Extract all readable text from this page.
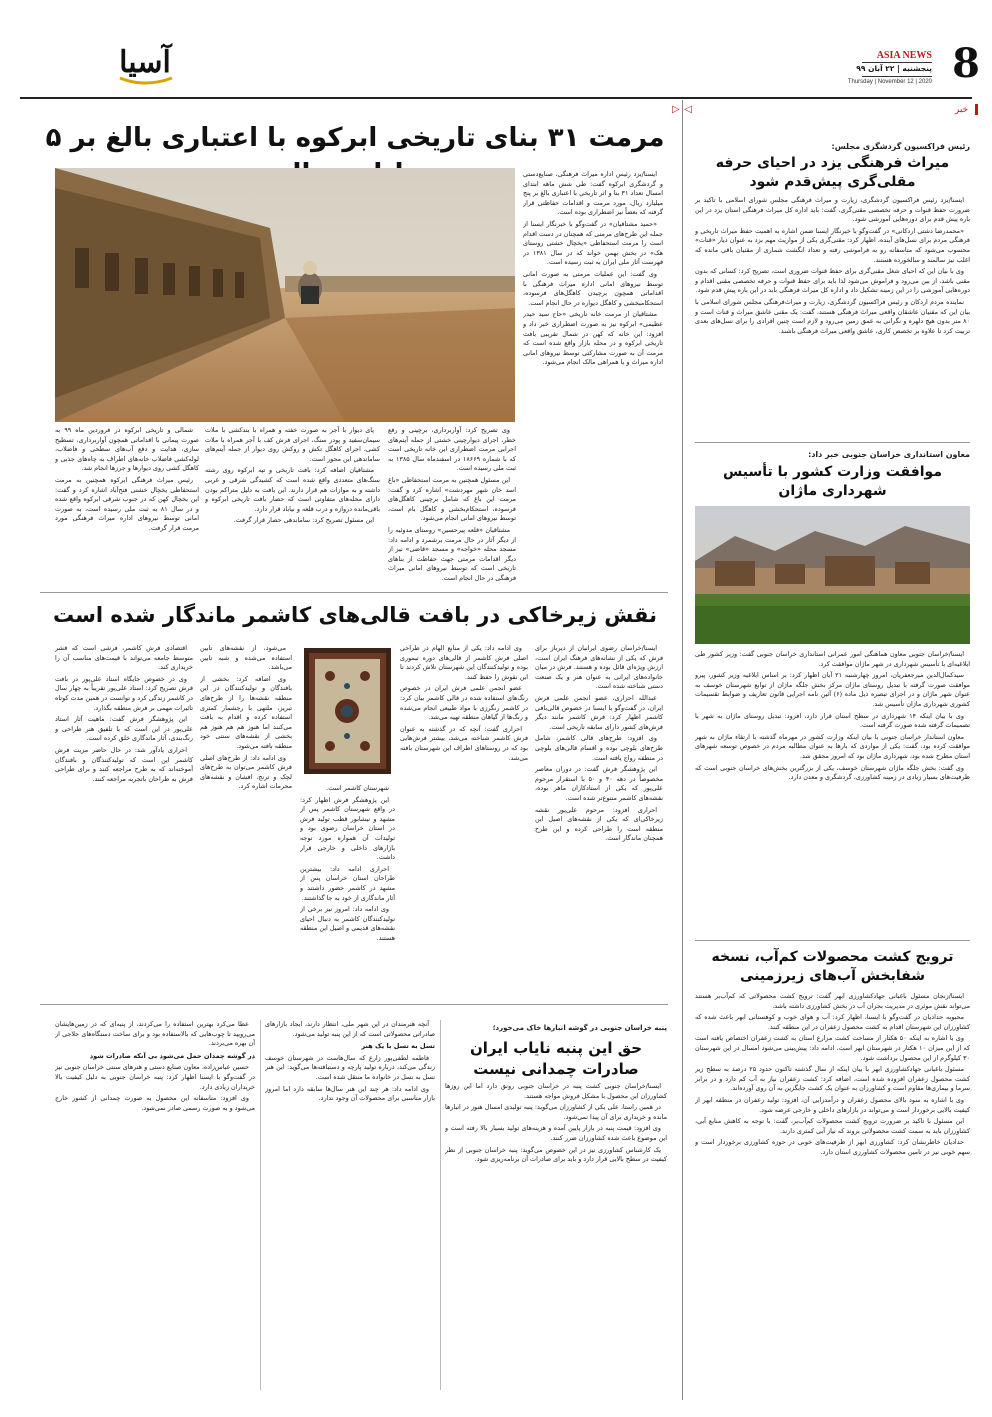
8
ASIA NEWS
پنجشنبه | ۲۲ آبان ۹۹
Thursday | November 12 | 2020
آسیا
خبر
◁
▷
مرمت ۳۱ بنای تاریخی ابرکوه با اعتباری بالغ بر ۵

ایسنا/یزد رئیس اداره میراث فرهنگی، صنایع‌دستی و گردشگری ابرکوه گفت: طی شش ماهه ابتدای امسال تعداد ۳۱ بنا و اثر تاریخی با اعتباری بالغ بر پنج میلیارد ریال، مورد مرمت و اقدامات حفاظتی قرار گرفته که بعضاً نیز اضطراری بوده است.

«حمید مشتاقیان» در گفت‌وگو با خبرنگار ایسنا از جمله این طرح‌های مرمتی که همچنان در دست اقدام است را مرمت استحفاظی «یخچال خشتی روستای هک» در بخش بهمن خواند که در سال ۱۳۸۱ در فهرست آثار ملی ایران به ثبت رسیده است.

وی گفت: این عملیات مرمتی به صورت امانی توسط نیروهای امانی اداره میراث فرهنگی با اقداماتی همچون برچیدن کاهگل‌های فرسوده، استحکامبخشی و کاهگل دیواره در حال انجام است.

مشتاقیان از مرمت خانه تاریخی «حاج سید حیدر عظیمی» ابرکوه نیز به صورت اضطراری خبر داد و افزود: این خانه که کهن در شمال تقریبی بافت تاریخی ابرکوه و در محله بازار واقع شده است که مرمت آن به صورت مشارکتی توسط نیروهای امانی اداره میراث و با همراهی مالک انجام می‌شود.

وی تصریح کرد: آواربرداری، برچینی و رفع خطر، اجرای دیوارچینی خشتی از جمله آیتم‌های اجرایی مرمت اضطراری این خانه تاریخی است که با شماره ۱۸۶۶۹ در اسفندماه سال ۱۳۸۵ به ثبت ملی رسیده است.

این مسئول همچنین به مرمت استحفاظی «باغ اسد خان شهر مهردشت» اشاره کرد و گفت: مرمت این باغ که شامل برچینی کاهگل‌های فرسوده، استحکام‌بخشی و کاهگل بام است، توسط نیروهای امانی انجام می‌شود.

مشتاقیان «قلعه پیرحسین» روستای مدوئیه را از دیگر آثار در حال مرمت برشمرد و ادامه داد: مسجد محله «خواجه» و مسجد «قاضی» نیز از دیگر اقدامات مرمتی جهت حفاظت از بناهای تاریخی است که توسط نیروهای امانی میراث فرهنگی در حال انجام است.

پای دیوار با آجر به صورت خفته و همراه با بندکشی با ملات سیمان‌سفید و پودر سنگ، اجرای فرش کف با آجر همراه با ملات کشی، اجرای کاهگل تکش و روکش روی دیوار از جمله آیتم‌های ساماندهی این محور است.

مشتاقیان اضافه کرد: بافت تاریخی و تپه ابرکوه روی رشته سنگ‌های متعددی واقع شده است که کشیدگی شرقی و غربی داشته و به موازات هم قرار دارند. این بافت به دلیل متراکم بودن دارای محله‌های متفاوتی است که حصار بافت تاریخی ابرکوه و باقی‌مانده دروازه و درب قلعه و نیاباد قرار دارد.

این مسئول تصریح کرد: ساماندهی حصار قرار گرفت.

شمالی و تاریخی ابرکوه در فروردین ماه ۹۹ به صورت پیمانی با اقداماتی همچون آواربرداری، تسطیح سازی، هدایت و دفع آب‌های سطحی و فاضلاب، لوله‌کشی فاضلاب خانه‌های اطراف به چاه‌های جذبی و کاهگل کشی روی دیوارها و جرزها انجام شد.

رئیس میراث فرهنگی ابرکوه همچنین به مرمت استحفاظی یخچال خشتی فتح‌آباد اشاره کرد و گفت: این یخچال کهن که در جنوب شرقی ابرکوه واقع شده و در سال ۸۱ به ثبت ملی رسیده است، به صورت امانی توسط نیروهای اداره میراث فرهنگی مورد مرمت قرار گرفت.

نقش زیرخاکی در بافت قالی‌های کاشمر ماندگار شده است

ایسنا/خراسان رضوی ایرانیان از دیرباز برای فرش که یکی از نشانه‌های فرهنگ ایران است، ارزش ویژه‌ای قائل بوده و هستند. فرش در میان خانواده‌های ایرانی به عنوان هنر و یک صنعت دستی شناخته شده است.

عبدالله احراری، عضو انجمن علمی فرش ایران، در گفت‌وگو با ایسنا در خصوص قالی‌بافی کاشمر اظهار کرد: فرش کاشمر مانند دیگر فرش‌های کشور دارای سابقه تاریخی است.

وی افزود: طرح‌های قالی کاشمر، شامل طرح‌های بلوچی بوده و اقسام قالی‌های بلوچی در منطقه رواج یافته است.

این پژوهشگر فرش گفت: در دوران معاصر مخصوصاً در دهه ۴۰ و ۵۰ با استقرار مرحوم علی‌پور که یکی از استادکاران ماهر بوده، نقشه‌های کاشمر متنوع‌تر شده است.

احراری افزود: مرحوم علی‌پور نقشه زیرخاکی‌ای که یکی از نقشه‌های اصیل این منطقه است را طراحی کرده و این طرح همچنان ماندگار است.

وی ادامه داد: یکی از منابع الهام در طراحی اصلی فرش کاشمر از قالی‌های دوره تیموری بوده و تولیدکنندگان این شهرستان تلاش کردند تا این نقوش را حفظ کنند.

عضو انجمن علمی فرش ایران در خصوص رنگ‌های استفاده شده در قالی کاشمر بیان کرد: در کاشمر رنگرزی با مواد طبیعی انجام می‌شده و رنگ‌ها از گیاهان منطقه تهیه می‌شد.

احراری گفت: آنچه که در گذشته به عنوان فرش کاشمر شناخته می‌شد، بیشتر فرش‌هایی بود که در روستاهای اطراف این شهرستان بافته می‌شد.

شهرستان کاشمر است.

این پژوهشگر فرش اظهار کرد: در واقع شهرستان کاشمر پس از مشهد و نیشابور قطب تولید فرش در استان خراسان رضوی بود و تولیدات آن همواره مورد توجه بازارهای داخلی و خارجی قرار داشت.

احراری ادامه داد: بیشترین طراحان استان خراسان پس از مشهد در کاشمر حضور داشتند و آثار ماندگاری از خود به جا گذاشتند.

وی ادامه داد: امروز نیز برخی از تولیدکنندگان کاشمر به دنبال احیای نقشه‌های قدیمی و اصیل این منطقه هستند.

می‌شود، از نقشه‌های تابین استفاده می‌شده و شبه تابین می‌باشد.

وی اضافه کرد: بخشی از بافندگان و تولیدکنندگان در این منطقه نقشه‌ها را از طرح‌های تبریز، ملتهی با رجشمار کمتری استفاده کرده و اقدام به بافت می‌کنند اما هنوز هم هم هنوز هم بخشی از نقشه‌های سنتی خود منطقه بافته می‌شود.

وی ادامه داد: از طرح‌های اصلی فرش کاشمر می‌توان به طرح‌های لچک و ترنج، افشان و نقشه‌های محرمات اشاره کرد.

اقتصادی فرش کاشمر، فرشی است که قشر متوسط جامعه می‌تواند با قیمت‌های مناسب آن را خریداری کند.

وی در خصوص جایگاه استاد علی‌پور در بافت فرش تصریح کرد: استاد علی‌پور تقریباً به چهار سال در کاشمر زندگی کرد و توانست در همین مدت کوتاه تاثیرات مهمی بر فرش منطقه بگذارد.

این پژوهشگر فرش گفت: ماهیت آثار استاد علی‌پور در این است که با تلفیق هنر طراحی و رنگ‌بندی، آثار ماندگاری خلق کرده است.

احراری یادآور شد: در حال حاضر مزیت فرش کاشمر این است که تولیدکنندگان و بافندگان آموخته‌اند که به طرح مراجعه کنند و برای طراحی فرش به طراحان باتجربه مراجعه کنند.

پنبه خراسان جنوبی در گوشه انبارها خاک می‌خورد؛
حق این پنبه نایاب ایران صادرات چمدانی نیست

ایسنا/خراسان جنوبی کشت پنبه در خراسان جنوبی رونق دارد اما این روزها کشاورزان این محصول با مشکل فروش مواجه هستند.

در همین راستا، علی یکی از کشاورزان می‌گوید: پنبه تولیدی امسال هنوز در انبارها مانده و خریداری برای آن پیدا نمی‌شود.

وی افزود: قیمت پنبه در بازار پایین آمده و هزینه‌های تولید بسیار بالا رفته است و این موضوع باعث شده کشاورزان ضرر کنند.

یک کارشناس کشاورزی نیز در این خصوص می‌گوید: پنبه خراسان جنوبی از نظر کیفیت در سطح بالایی قرار دارد و باید برای صادرات آن برنامه‌ریزی شود.

آنچه هنرمندان در این شهر ملی، انتظار دارند، ایجاد بازارهای صادراتی محصولاتی است که از این پنبه تولید می‌شود.

تسل به تسل با یک هنر

فاطمه لطفی‌پور زارع که سال‌هاست در شهرستان خوسف زندگی می‌کند، درباره تولید پارچه و دستبافته‌ها می‌گوید: این هنر نسل به نسل در خانواده ما منتقل شده است.

وی ادامه داد: هر چند این هنر سال‌ها سابقه دارد اما امروز بازار مناسبی برای محصولات آن وجود ندارد.

عطا می‌کرد بهترین استفاده را می‌کردند، از پنبه‌ای که در زمین‌هایشان می‌رویید تا چوب‌هایی که بالاستفاده بود و برای ساخت دستگاه‌های حلاجی از آن بهره می‌بردند.

در گوشه چمدان حمل می‌شود بی آنکه صادرات شود

حسین عباس‌زاده، معاون صنایع دستی و هنرهای سنتی خراسان جنوبی نیز در گفت‌وگو با ایسنا اظهار کرد: پنبه خراسان جنوبی به دلیل کیفیت بالا خریداران زیادی دارد.

وی افزود: متاسفانه این محصول به صورت چمدانی از کشور خارج می‌شود و به صورت رسمی صادر نمی‌شود.

رئیس فراکسیون گردشگری مجلس:
میراث فرهنگی یزد در احیای حرفه مقلی‌گری پیش‌قدم شود

ایسنا/یزد رئیس فراکسیون گردشگری، زیارت و میراث فرهنگی مجلس شورای اسلامی با تاکید بر ضرورت حفظ قنوات و حرفه تخصصی مقنی‌گری، گفت: باید اداره کل میراث فرهنگی استان یزد در این باره پیش قدم برای دوره‌هایی آموزشی شود.

«محمدرضا دشتی اردکانی» در گفت‌وگو با خبرنگار ایسنا ضمن اشاره به اهمیت حفظ میراث تاریخی و فرهنگی مردم برای نسل‌های آینده، اظهار کرد: مقنی‌گری یکی از مواریث مهم یزد به عنوان دیار «قنات» محسوب می‌شود که متاسفانه رو به فراموشی رفته و تعداد انگشت شماری از مقنیان باقی مانده که اغلب نیز سالمند و سالخورده هستند.

وی با بیان این که احیای شغل مقنی‌گری برای حفظ قنوات ضروری است، تصریح کرد: کسانی که بدون مقنی باشد، از بین می‌رود و فراموش می‌شود لذا باید برای حفظ قنوات و حرفه تخصصی مقنی اقدام و دوره‌هایی آموزشی را در این زمینه تشکیل داد و اداره کل میراث فرهنگی باید در این باره پیش قدم شود.

نماینده مردم اردکان و رئیس فراکسیون گردشگری، زیارت و میراث‌فرهنگی مجلس شورای اسلامی با بیان این که مقنیان عاشقان واقعی میراث فرهنگی هستند، گفت: یک مقنی عاشق میراث و قنات است و ۸۰ متر بدون هیچ دلهره و نگرانی به عمق زمین می‌رود و لازم است چنین افرادی را برای نسل‌های بعدی تربیت کرد تا علاوه بر تخصص کاری، عاشق واقعی میراث فرهنگی باشند.

معاون استانداری خراسان جنوبی خبر داد:
موافقت وزارت کشور با تأسیس شهرداری ماژان

ایسنا/خراسان جنوبی معاون هماهنگی امور عمرانی استانداری خراسان جنوبی گفت: وزیر کشور طی ابلاغیه‌ای با تأسیس شهرداری در شهر ماژان موافقت کرد.

سیدکمال‌الدین میرجعفریان، امروز چهارشنبه ۲۱ آبان اظهار کرد: بر اساس ابلاغیه وزیر کشور، پیرو موافقت صورت گرفته با تبدیل روستای ماژان مرکز بخش جلگه ماژان از توابع شهرستان خوسف به عنوان شهر ماژان و در اجرای تبصره ذیل ماده (۶) آئین نامه اجرایی قانون تعاریف و ضوابط تقسیمات کشوری شهرداری ماژان تأسیس شد.

وی با بیان اینکه ۱۴ شهرداری در سطح استان قرار دارد، افزود: تبدیل روستای ماژان به شهر با تصمیمات گرفته شده صورت گرفته است.

معاون استاندار خراسان جنوبی با بیان اینکه وزارت کشور در مهرماه گذشته با ارتقاء ماژان به شهر موافقت کرده بود، گفت: یکی از مواردی که بارها به عنوان مطالبه مردم در خصوص توسعه شهرهای استان مطرح شده بود، شهرداری ماژان بود که امروز محقق شد.

وی گفت: بخش جلگه ماژان شهرستان خوسف، یکی از بزرگترین بخش‌های خراسان جنوبی است که ظرفیت‌های بسیار زیادی در زمینه کشاورزی، گردشگری و معدن دارد.

ترویج کشت محصولات کم‌آب، نسخه شفابخش آب‌های زیرزمینی

ایسنا/زنجان مسئول باغبانی جهادکشاورزی ابهر گفت: ترویج کشت محصولاتی که کم‌آب‌بر هستند می‌تواند نقش موثری در مدیریت بحران آب در بخش کشاورزی داشته باشد.

محبوبه حدادیان در گفت‌وگو با ایسنا، اظهار کرد: آب و هوای خوب و کوهستانی ابهر باعث شده که کشاورزان این شهرستان اقدام به کشت محصول زعفران در این منطقه کنند.

وی با اشاره به اینکه ۵۰ هکتار از مساحت کشت مزارع استان به کشت زعفران اختصاص یافته است که از این میزان ۱۰ هکتار در شهرستان ابهر است، ادامه داد: پیش‌بینی می‌شود امسال در این شهرستان ۳۰ کیلوگرم از این محصول برداشت شود.

مسئول باغبانی جهادکشاورزی ابهر با بیان اینکه از سال گذشته تاکنون حدود ۲۵ درصد به سطح زیر کشت محصول زعفران افزوده شده است، اضافه کرد: کشت زعفران نیاز به آب کم دارد و در برابر سرما و بیماری‌ها مقاوم است و کشاورزان به عنوان یک کشت جایگزین به آن روی آورده‌اند.

وی با اشاره به سود بالای محصول زعفران و درآمدزایی آن، افزود: تولید زعفران در منطقه ابهر از کیفیت بالایی برخوردار است و می‌تواند در بازارهای داخلی و خارجی عرضه شود.

این مسئول با تاکید بر ضرورت ترویج کشت محصولات کم‌آب‌بر، گفت: با توجه به کاهش منابع آبی، کشاورزان باید به سمت کشت محصولاتی بروند که نیاز آبی کمتری دارند.

حدادیان خاطرنشان کرد: کشاورزی ابهر از ظرفیت‌های خوبی در حوزه کشاورزی برخوردار است و سهم خوبی نیز در تامین محصولات کشاورزی استان دارد.
